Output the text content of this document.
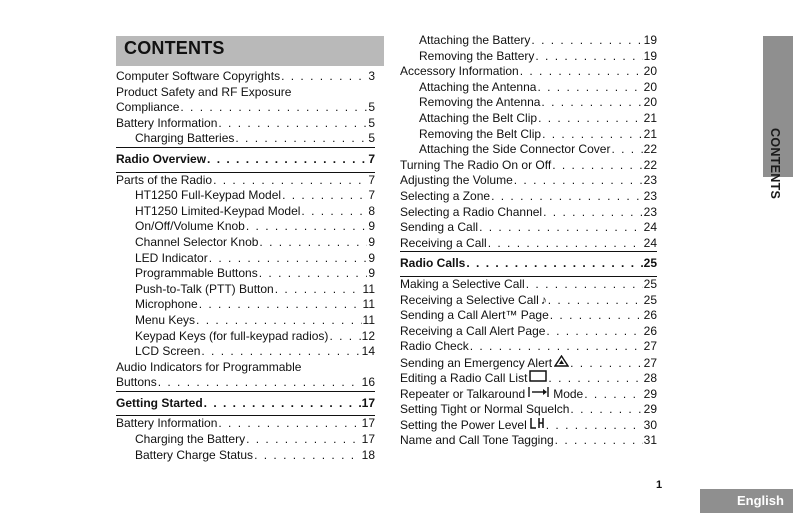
CONTENTS
CONTENTS
Computer Software Copyrights . . .	3
Product Safety and RF Exposure
Compliance . . .	5
Battery Information . . .	5
Charging Batteries . . .	5
Radio Overview . . .	7
Parts of the Radio . . .	7
HT1250 Full-Keypad Model . . .	7
HT1250 Limited-Keypad Model . . .	8
On/Off/Volume Knob . . .	9
Channel Selector Knob . . .	9
LED Indicator . . .	9
Programmable Buttons . . .	9
Push-to-Talk (PTT) Button . . .	11
Microphone . . .	11
Menu Keys . . .	11
Keypad Keys (for full-keypad radios) . . .	12
LCD Screen . . .	14
Audio Indicators for Programmable
Buttons . . .	16
Getting Started . . .	17
Battery Information . . .	17
Charging the Battery . . .	17
Battery Charge Status . . .	18
Attaching the Battery . . .	19
Removing the Battery . . .	19
Accessory Information . . .	20
Attaching the Antenna . . .	20
Removing the Antenna . . .	20
Attaching the Belt Clip . . .	21
Removing the Belt Clip . . .	21
Attaching the Side Connector Cover . . .	22
Turning The Radio On or Off . . .	22
Adjusting the Volume . . .	23
Selecting a Zone . . .	23
Selecting a Radio Channel . . .	23
Sending a Call . . .	24
Receiving a Call . . .	24
Radio Calls . . .	25
Making a Selective Call . . .	25
Receiving a Selective Call ♪ . . .	25
Sending a Call Alert™ Page . . .	26
Receiving a Call Alert Page . . .	26
Radio Check . . .	27
Sending an Emergency Alert . . .	27
Editing a Radio Call List . . .	28
Repeater or Talkaround Mode . . .	29
Setting Tight or Normal Squelch . . .	29
Setting the Power Level . . .	30
Name and Call Tone Tagging . . .	31
1
English
